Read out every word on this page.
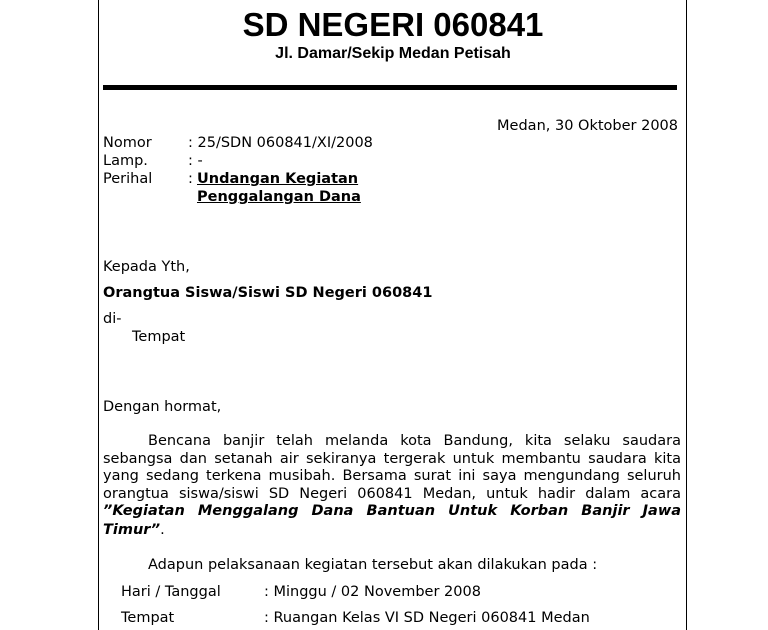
SD NEGERI 060841
Jl. Damar/Sekip Medan Petisah
Medan, 30 Oktober 2008
Nomor	: 25/SDN 060841/XI/2008
Lamp.	: -
Perihal : Undangan Kegiatan
Penggalangan Dana
Kepada Yth,
Orangtua Siswa/Siswi SD Negeri 060841
di-
Tempat
Dengan hormat,
Bencana banjir telah melanda kota Bandung, kita selaku saudara
sebangsa dan setanah air sekiranya tergerak untuk membantu saudara kita
yang sedang terkena musibah. Bersama surat ini saya mengundang seluruh
orangtua siswa/siswi SD Negeri 060841 Medan, untuk hadir dalam acara
”Kegiatan Menggalang Dana Bantuan Untuk Korban Banjir Jawa
Timur”.
Adapun pelaksanaan kegiatan tersebut akan dilakukan pada :
Hari / Tanggal	: Minggu / 02 November 2008
Tempat	: Ruangan Kelas VI SD Negeri 060841 Medan
